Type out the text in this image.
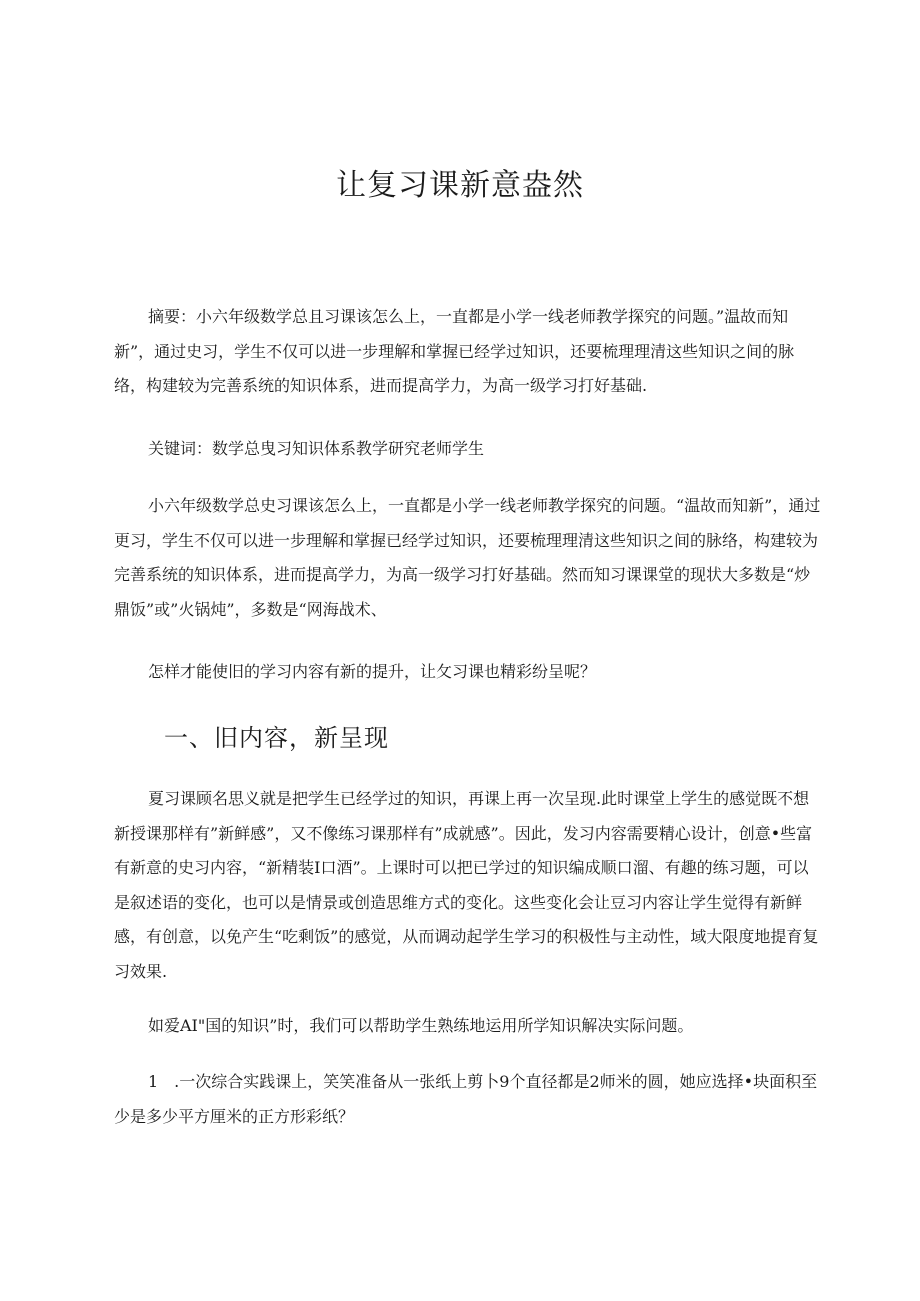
让复习课新意盎然

摘要：小六年级数学总且习课该怎么上，一直都是小学一线老师教学探究的问题。”温故而知新”，通过史习，学生不仅可以进一步理解和掌握已经学过知识，还要梳理理清这些知识之间的脉络，构建较为完善系统的知识体系，进而提高学力，为高一级学习打好基础.

关键词：数学总曳习知识体系教学研究老师学生

小六年级数学总史习课该怎么上，一直都是小学一线老师教学探究的问题。“温故而知新”，通过更习，学生不仅可以进一步理解和掌握已经学过知识，还要梳理理清这些知识之间的脉络，构建较为完善系统的知识体系，进而提高学力，为高一级学习打好基础。然而知习课课堂的现状大多数是“炒鼎饭”或”火锅炖”，多数是“网海战术、

怎样才能使旧的学习内容有新的提升，让攵习课也精彩纷呈呢？

一、旧内容，新呈现

夏习课顾名思义就是把学生已经学过的知识，再课上再一次呈现.此时课堂上学生的感觉既不想新授课那样有”新鲜感”，又不像练习课那样有”成就感”。因此，发习内容需要精心设计，创意•些富有新意的史习内容，“新精装I口酒”。上课时可以把已学过的知识编成顺口溜、有趣的练习题，可以是叙述语的变化，也可以是情景或创造思维方式的变化。这些变化会让豆习内容让学生觉得有新鲜感，有创意，以免产生“吃剩饭”的感觉，从而调动起学生学习的积极性与主动性，域大限度地提育复习效果.

如爱AI"国的知识”时，我们可以帮助学生熟练地运用所学知识解决实际问题。

1　.一次综合实践课上，笑笑准备从一张纸上剪卜9个直径都是2师米的圆，她应选择•块面积至少是多少平方厘米的正方形彩纸？
